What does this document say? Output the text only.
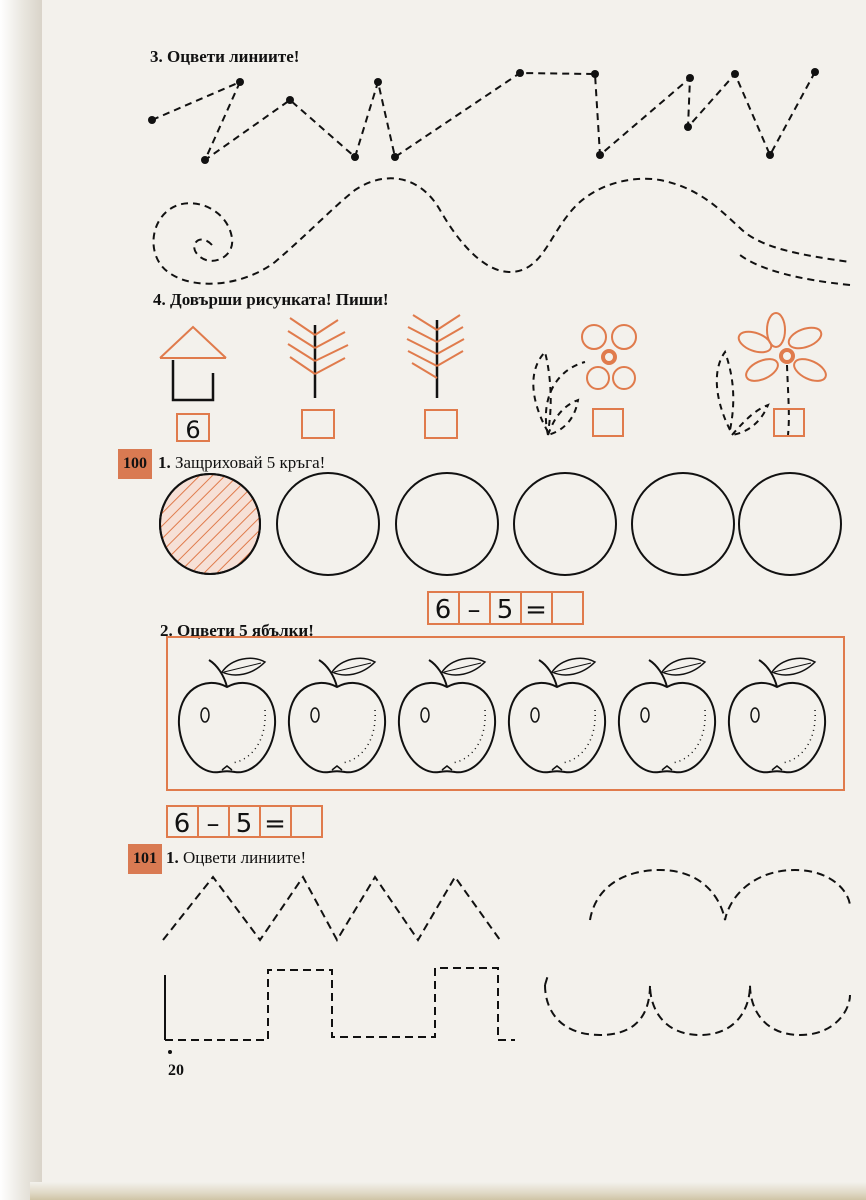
3. Оцвети линиите!
4. Довърши рисунката! Пиши!
100 1. Защриховай 5 кръга!
2. Оцвети 5 ябълки!
101 1. Оцвети линиите!
20
6
6 – 5 =
6 – 5 =
